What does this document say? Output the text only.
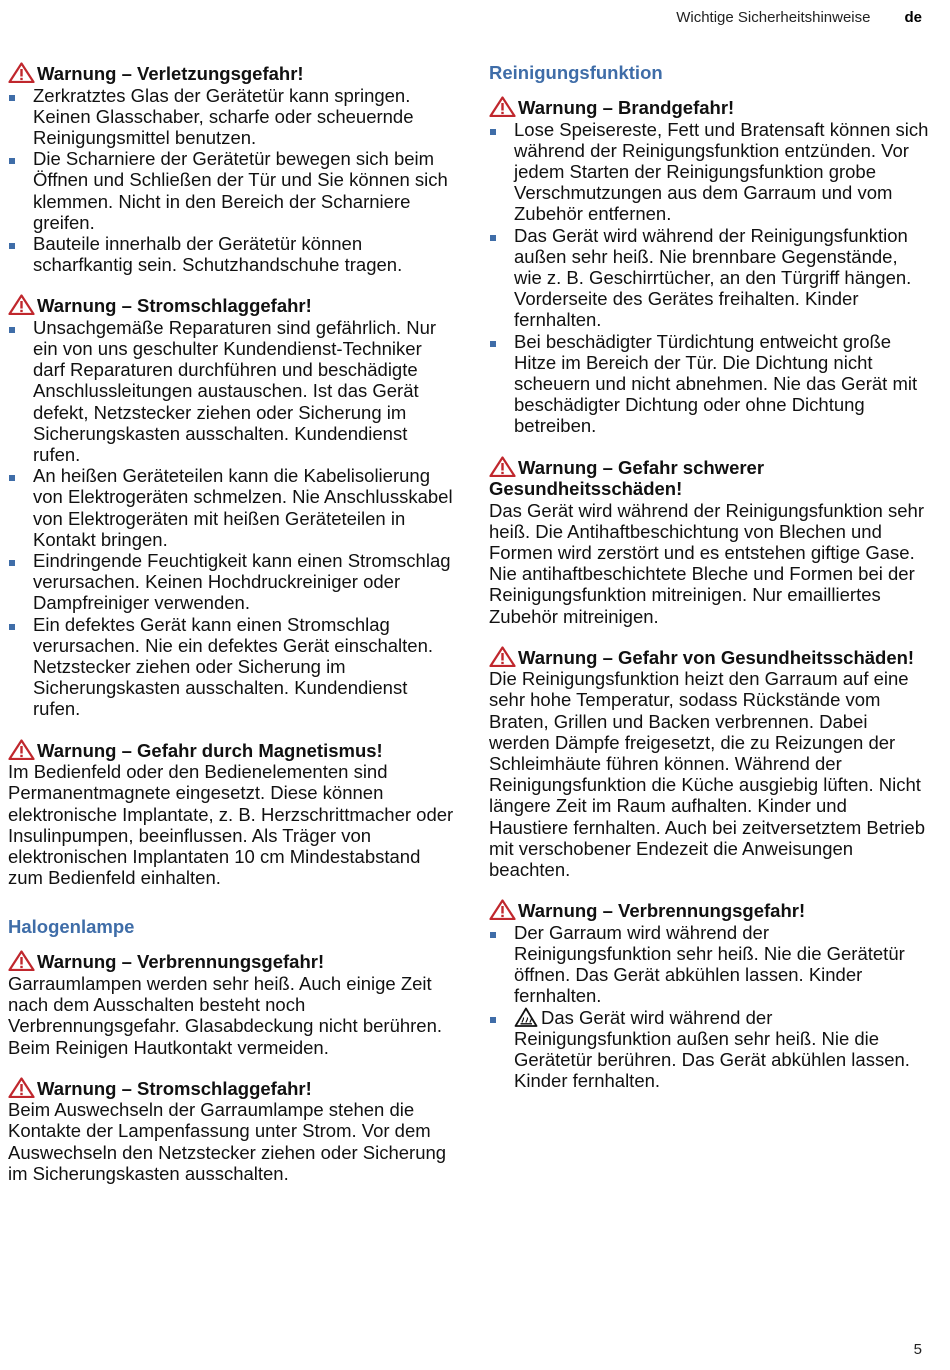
Wichtige Sicherheitshinweise de

Warnung – Verletzungsgefahr!

Zerkratztes Glas der Gerätetür kann springen. Keinen Glasschaber, scharfe oder scheuernde Reinigungsmittel benutzen.
Die Scharniere der Gerätetür bewegen sich beim Öffnen und Schließen der Tür und Sie können sich klemmen. Nicht in den Bereich der Scharniere greifen.
Bauteile innerhalb der Gerätetür können scharfkantig sein. Schutzhandschuhe tragen.

Warnung – Stromschlaggefahr!

Unsachgemäße Reparaturen sind gefährlich. Nur ein von uns geschulter Kundendienst-Techniker darf Reparaturen durchführen und beschädigte Anschlussleitungen austauschen. Ist das Gerät defekt, Netzstecker ziehen oder Sicherung im Sicherungskasten ausschalten. Kundendienst rufen.
An heißen Geräteteilen kann die Kabelisolierung von Elektrogeräten schmelzen. Nie Anschlusskabel von Elektrogeräten mit heißen Geräteteilen in Kontakt bringen.
Eindringende Feuchtigkeit kann einen Stromschlag verursachen. Keinen Hochdruckreiniger oder Dampfreiniger verwenden.
Ein defektes Gerät kann einen Stromschlag verursachen. Nie ein defektes Gerät einschalten. Netzstecker ziehen oder Sicherung im Sicherungskasten ausschalten. Kundendienst rufen.

Warnung – Gefahr durch Magnetismus!

Im Bedienfeld oder den Bedienelementen sind Permanentmagnete eingesetzt. Diese können elektronische Implantate, z. B. Herzschrittmacher oder Insulinpumpen, beeinflussen. Als Träger von elektronischen Implantaten 10 cm Mindestabstand zum Bedienfeld einhalten.

Halogenlampe

Warnung – Verbrennungsgefahr!

Garraumlampen werden sehr heiß. Auch einige Zeit nach dem Ausschalten besteht noch Verbrennungsgefahr. Glasabdeckung nicht berühren. Beim Reinigen Hautkontakt vermeiden.

Warnung – Stromschlaggefahr!

Beim Auswechseln der Garraumlampe stehen die Kontakte der Lampenfassung unter Strom. Vor dem Auswechseln den Netzstecker ziehen oder Sicherung im Sicherungskasten ausschalten.

Reinigungsfunktion

Warnung – Brandgefahr!

Lose Speisereste, Fett und Bratensaft können sich während der Reinigungsfunktion entzünden. Vor jedem Starten der Reinigungsfunktion grobe Verschmutzungen aus dem Garraum und vom Zubehör entfernen.
Das Gerät wird während der Reinigungsfunktion außen sehr heiß. Nie brennbare Gegenstände, wie z. B. Geschirrtücher, an den Türgriff hängen. Vorderseite des Gerätes freihalten. Kinder fernhalten.
Bei beschädigter Türdichtung entweicht große Hitze im Bereich der Tür. Die Dichtung nicht scheuern und nicht abnehmen. Nie das Gerät mit beschädigter Dichtung oder ohne Dichtung betreiben.

Warnung – Gefahr schwerer Gesundheitsschäden!

Das Gerät wird während der Reinigungsfunktion sehr heiß. Die Antihaftbeschichtung von Blechen und Formen wird zerstört und es entstehen giftige Gase. Nie antihaftbeschichtete Bleche und Formen bei der Reinigungsfunktion mitreinigen. Nur emailliertes Zubehör mitreinigen.

Warnung – Gefahr von Gesundheitsschäden!

Die Reinigungsfunktion heizt den Garraum auf eine sehr hohe Temperatur, sodass Rückstände vom Braten, Grillen und Backen verbrennen. Dabei werden Dämpfe freigesetzt, die zu Reizungen der Schleimhäute führen können. Während der Reinigungsfunktion die Küche ausgiebig lüften. Nicht längere Zeit im Raum aufhalten. Kinder und Haustiere fernhalten. Auch bei zeitversetztem Betrieb mit verschobener Endezeit die Anweisungen beachten.

Warnung – Verbrennungsgefahr!

Der Garraum wird während der Reinigungsfunktion sehr heiß. Nie die Gerätetür öffnen. Das Gerät abkühlen lassen. Kinder fernhalten.
Das Gerät wird während der Reinigungsfunktion außen sehr heiß. Nie die Gerätetür berühren. Das Gerät abkühlen lassen. Kinder fernhalten.
5
